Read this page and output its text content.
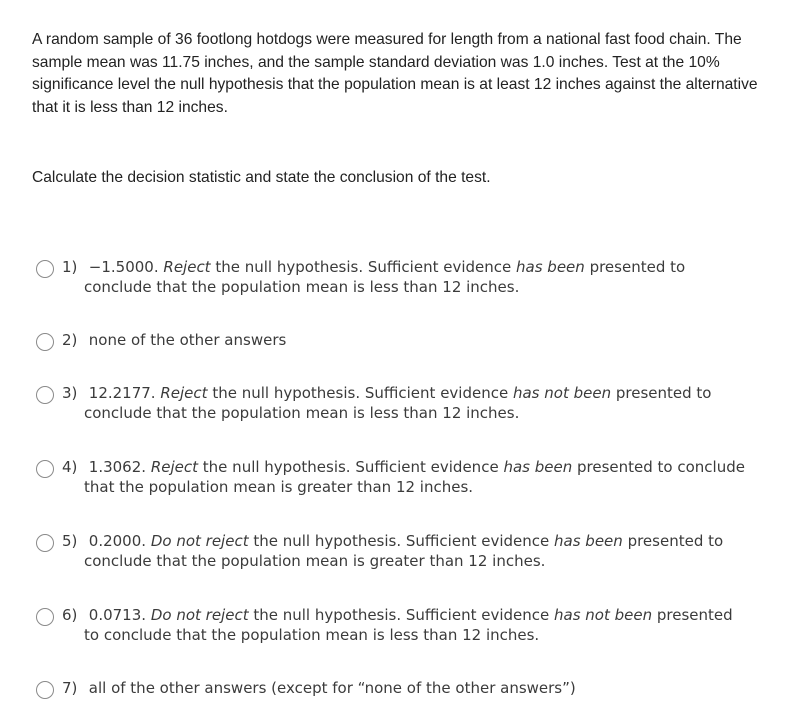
A random sample of 36 footlong hotdogs were measured for length from a national fast food chain. The sample mean was 11.75 inches, and the sample standard deviation was 1.0 inches. Test at the 10% significance level the null hypothesis that the population mean is at least 12 inches against the alternative that it is less than 12 inches.
Calculate the decision statistic and state the conclusion of the test.
1) −1.5000. Reject the null hypothesis. Sufficient evidence has been presented to
conclude that the population mean is less than 12 inches.
2) none of the other answers
3) 12.2177. Reject the null hypothesis. Sufficient evidence has not been presented to
conclude that the population mean is less than 12 inches.
4) 1.3062. Reject the null hypothesis. Sufficient evidence has been presented to conclude
that the population mean is greater than 12 inches.
5) 0.2000. Do not reject the null hypothesis. Sufficient evidence has been presented to
conclude that the population mean is greater than 12 inches.
6) 0.0713. Do not reject the null hypothesis. Sufficient evidence has not been presented
to conclude that the population mean is less than 12 inches.
7) all of the other answers (except for “none of the other answers”)
